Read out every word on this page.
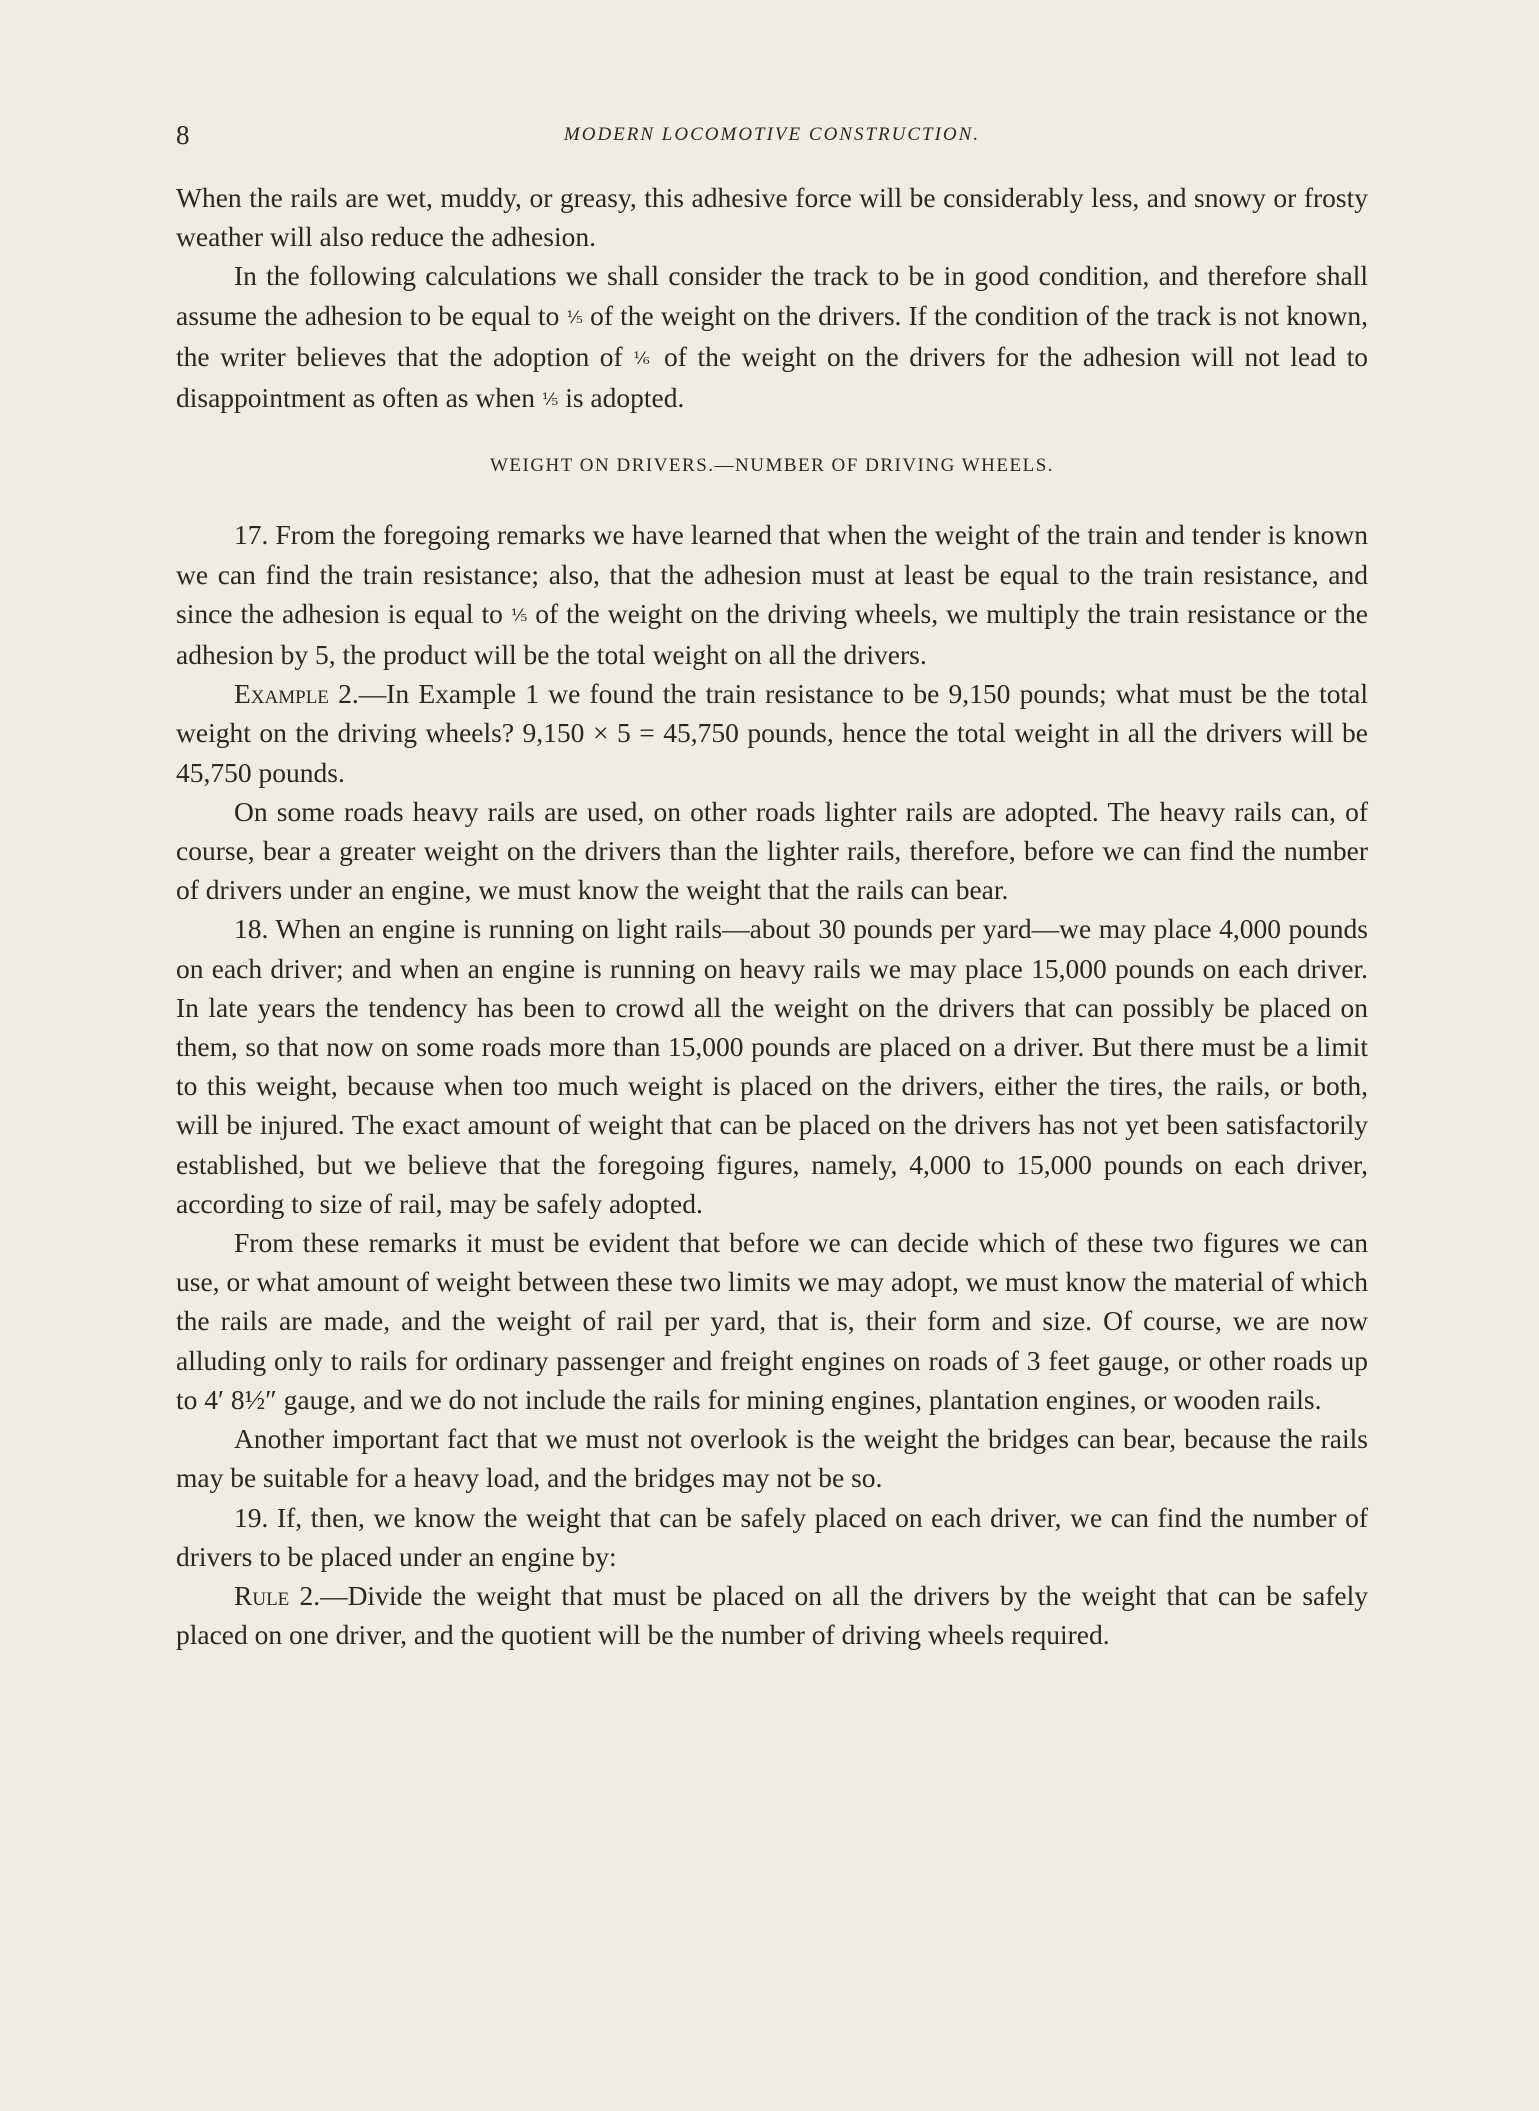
8	MODERN LOCOMOTIVE CONSTRUCTION.

When the rails are wet, muddy, or greasy, this adhesive force will be considerably less, and snowy or frosty weather will also reduce the adhesion.

In the following calculations we shall consider the track to be in good condition, and therefore shall assume the adhesion to be equal to ⅕ of the weight on the drivers. If the condition of the track is not known, the writer believes that the adoption of ⅙ of the weight on the drivers for the adhesion will not lead to disappointment as often as when ⅕ is adopted.

WEIGHT ON DRIVERS.—NUMBER OF DRIVING WHEELS.

17. From the foregoing remarks we have learned that when the weight of the train and tender is known we can find the train resistance; also, that the adhesion must at least be equal to the train resistance, and since the adhesion is equal to ⅕ of the weight on the driving wheels, we multiply the train resistance or the adhesion by 5, the product will be the total weight on all the drivers.

Example 2.—In Example 1 we found the train resistance to be 9,150 pounds; what must be the total weight on the driving wheels? 9,150 × 5 = 45,750 pounds, hence the total weight in all the drivers will be 45,750 pounds.

On some roads heavy rails are used, on other roads lighter rails are adopted. The heavy rails can, of course, bear a greater weight on the drivers than the lighter rails, therefore, before we can find the number of drivers under an engine, we must know the weight that the rails can bear.

18. When an engine is running on light rails—about 30 pounds per yard—we may place 4,000 pounds on each driver; and when an engine is running on heavy rails we may place 15,000 pounds on each driver. In late years the tendency has been to crowd all the weight on the drivers that can possibly be placed on them, so that now on some roads more than 15,000 pounds are placed on a driver. But there must be a limit to this weight, because when too much weight is placed on the drivers, either the tires, the rails, or both, will be injured. The exact amount of weight that can be placed on the drivers has not yet been satisfactorily established, but we believe that the foregoing figures, namely, 4,000 to 15,000 pounds on each driver, according to size of rail, may be safely adopted.

From these remarks it must be evident that before we can decide which of these two figures we can use, or what amount of weight between these two limits we may adopt, we must know the material of which the rails are made, and the weight of rail per yard, that is, their form and size. Of course, we are now alluding only to rails for ordinary passenger and freight engines on roads of 3 feet gauge, or other roads up to 4′ 8½″ gauge, and we do not include the rails for mining engines, plantation engines, or wooden rails.

Another important fact that we must not overlook is the weight the bridges can bear, because the rails may be suitable for a heavy load, and the bridges may not be so.

19. If, then, we know the weight that can be safely placed on each driver, we can find the number of drivers to be placed under an engine by:

Rule 2.—Divide the weight that must be placed on all the drivers by the weight that can be safely placed on one driver, and the quotient will be the number of driving wheels required.
